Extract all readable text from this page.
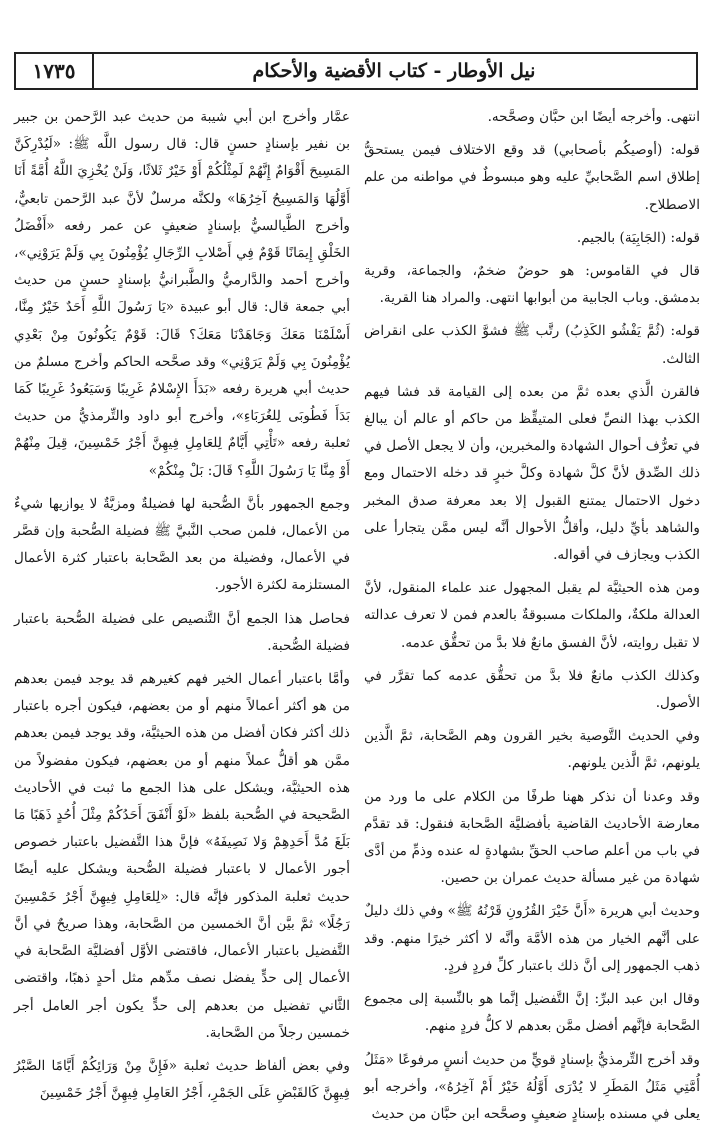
نيل الأوطار - كتاب الأقضية والأحكام
١٧٣٥

انتهى. وأخرجه أيضًا ابن حبَّان وصحَّحه.

قوله: (أوصيكُم بأصحابي) قد وقع الاختلاف فيمن يستحقُّ إطلاق اسم الصَّحابيِّ عليه وهو مبسوطٌ في مواطنه من علم الاصطلاح.

قوله: (الجَابِيَة) بالجيم.

قال في القاموس: هو حوضٌ ضخمٌ، والجماعة، وقرية بدمشق. وباب الجابية من أبوابها انتهى. والمراد هنا القرية.

قوله: (ثُمَّ يَفْشُو الكَذِبُ) رتَّب ﷺ فشوَّ الكذب على انقراض الثالث.

فالقرن الَّذي بعده ثمَّ من بعده إلى القيامة قد فشا فيهم الكذب بهذا النصِّ فعلى المتيقِّظ من حاكم أو عالم أن يبالغ في تعرُّف أحوال الشهادة والمخبرين، وأن لا يجعل الأصل في ذلك الصِّدق لأنَّ كلَّ شهادة وكلَّ خبرٍ قد دخله الاحتمال ومع دخول الاحتمال يمتنع القبول إلا بعد معرفة صدق المخبر والشاهد بأيِّ دليل، وأقلُّ الأحوال أنَّه ليس ممَّن يتجارأ على الكذب ويجازف في أقواله.

ومن هذه الحيثيَّة لم يقبل المجهول عند علماء المنقول، لأنَّ العدالة ملكةٌ، والملكات مسبوقةٌ بالعدم فمن لا تعرف عدالته لا تقبل روايته، لأنَّ الفسق مانعٌ فلا بدَّ من تحقُّق عدمه.

وكذلك الكذب مانعٌ فلا بدَّ من تحقُّق عدمه كما تقرَّر في الأصول.

وفي الحديث التَّوصية بخير القرون وهم الصَّحابة، ثمَّ الَّذين يلونهم، ثمَّ الَّذين يلونهم.

وقد وعدنا أن نذكر ههنا طرفًا من الكلام على ما ورد من معارضة الأحاديث القاضية بأفضليَّة الصَّحابة فنقول: قد تقدَّم في باب من أعلم صاحب الحقِّ بشهادةٍ له عنده وذمِّ من أدَّى شهادة من غير مسألة حديث عمران بن حصين.

وحديث أبي هريرة «أَنَّ خَيْرَ القُرُونِ قَرْنُهُ ﷺ» وفي ذلك دليلٌ على أنَّهم الخيار من هذه الأمَّة وأنَّه لا أكثر خيرًا منهم. وقد ذهب الجمهور إلى أنَّ ذلك باعتبار كلِّ فردٍ فردٍ.

وقال ابن عبد البرِّ: إنَّ التَّفضيل إنَّما هو بالنِّسبة إلى مجموع الصَّحابة فإنَّهم أفضل ممَّن بعدهم لا كلُّ فردٍ منهم.

وقد أخرج التِّرمذيُّ بإسنادٍ قويٍّ من حديث أنسٍ مرفوعًا «مَثَلُ أُمَّتِي مَثَلُ المَطَرِ لا يُدْرَى أَوَّلُهُ خَيْرٌ أَمْ آخِرُهُ»، وأخرجه أبو يعلى في مسنده بإسنادٍ ضعيفٍ وصحَّحه ابن حبَّان من حديث

عمَّار وأخرج ابن أبي شيبة من حديث عبد الرَّحمن بن جبير بن نفير بإسنادٍ حسنٍ قال: قال رسول اللَّه ﷺ: «لَيُدْرِكَنَّ المَسِيحَ أَقْوَامٌ إِنَّهُمْ لَمِثْلُكُمْ أَوْ خَيْرٌ ثَلاثًا، وَلَنْ يُخْزِيَ اللَّهُ أُمَّةً أَنَا أَوَّلُهَا وَالمَسِيحُ آخِرُهَا» ولكنَّه مرسلٌ لأنَّ عبد الرَّحمن تابعيٌّ، وأخرج الطَّيالسيُّ بإسنادٍ ضعيفٍ عن عمر رفعه «أَفْضَلُ الخَلْقِ إِيمَانًا قَوْمٌ فِي أَصْلابِ الرِّجَالِ يُؤْمِنُونَ بِي وَلَمْ يَرَوْنِي»، وأخرج أحمد والدَّارميُّ والطَّبرانيُّ بإسنادٍ حسنٍ من حديث أبي جمعة قال: قال أبو عبيدة «يَا رَسُولَ اللَّهِ أَحَدٌ خَيْرٌ مِنَّا، أَسْلَمْنَا مَعَكَ وَجَاهَدْنَا مَعَكَ؟ قَالَ: قَوْمٌ يَكُونُونَ مِنْ بَعْدِي يُؤْمِنُونَ بِي وَلَمْ يَرَوْنِي» وقد صحَّحه الحاكم وأخرج مسلمٌ من حديث أبي هريرة رفعه «بَدَأَ الإِسْلامُ غَرِيبًا وَسَيَعُودُ غَرِيبًا كَمَا بَدَأَ فَطُوبَى لِلغُرَبَاءِ»، وأخرج أبو داود والتِّرمذيُّ من حديث ثعلبة رفعه «تَأْتِي أَيَّامٌ لِلعَامِلِ فِيهِنَّ أَجْرُ خَمْسِينَ، قِيلَ مِنْهُمْ أَوْ مِنَّا يَا رَسُولَ اللَّهِ؟ قَالَ: بَلْ مِنْكُمْ»

وجمع الجمهور بأنَّ الصُّحبة لها فضيلةٌ ومزيَّةٌ لا يوازيها شيءٌ من الأعمال، فلمن صحب النَّبيَّ ﷺ فضيلة الصُّحبة وإن قصَّر في الأعمال، وفضيلة من بعد الصَّحابة باعتبار كثرة الأعمال المستلزمة لكثرة الأجور.

فحاصل هذا الجمع أنَّ التَّنصيص على فضيلة الصُّحبة باعتبار فضيلة الصُّحبة.

وأمَّا باعتبار أعمال الخير فهم كغيرهم قد يوجد فيمن بعدهم من هو أكثر أعمالاً منهم أو من بعضهم، فيكون أجره باعتبار ذلك أكثر فكان أفضل من هذه الحيثيَّة، وقد يوجد فيمن بعدهم ممَّن هو أقلُّ عملاً منهم أو من بعضهم، فيكون مفضولاً من هذه الحيثيَّة، ويشكل على هذا الجمع ما ثبت في الأحاديث الصَّحيحة في الصُّحبة بلفظ «لَوْ أَنْفَقَ أَحَدُكُمْ مِثْلَ أُحُدٍ ذَهَبًا مَا بَلَغَ مُدَّ أَحَدِهِمْ وَلا نَصِيفَهُ» فإنَّ هذا التَّفضيل باعتبار خصوص أجور الأعمال لا باعتبار فضيلة الصُّحبة ويشكل عليه أيضًا حديث ثعلبة المذكور فإنَّه قال: «لِلعَامِلِ فِيهِنَّ أَجْرُ خَمْسِينَ رَجُلًا» ثمَّ بيَّن أنَّ الخمسين من الصَّحابة، وهذا صريحٌ في أنَّ التَّفضيل باعتبار الأعمال، فاقتضى الأوَّل أفضليَّة الصَّحابة في الأعمال إلى حدٍّ يفضل نصف مدِّهم مثل أحدٍ ذهبًا، واقتضى الثَّاني تفضيل من بعدهم إلى حدٍّ يكون أجر العامل أجر خمسين رجلاً من الصَّحابة.

وفي بعض ألفاظ حديث ثعلبة «فَإِنَّ مِنْ وَرَائِكُمْ أَيَّامًا الصَّبْرُ فِيهِنَّ كَالقَبْضِ عَلَى الجَمْرِ، أَجْرُ العَامِلِ فِيهِنَّ أَجْرُ خَمْسِينَ
